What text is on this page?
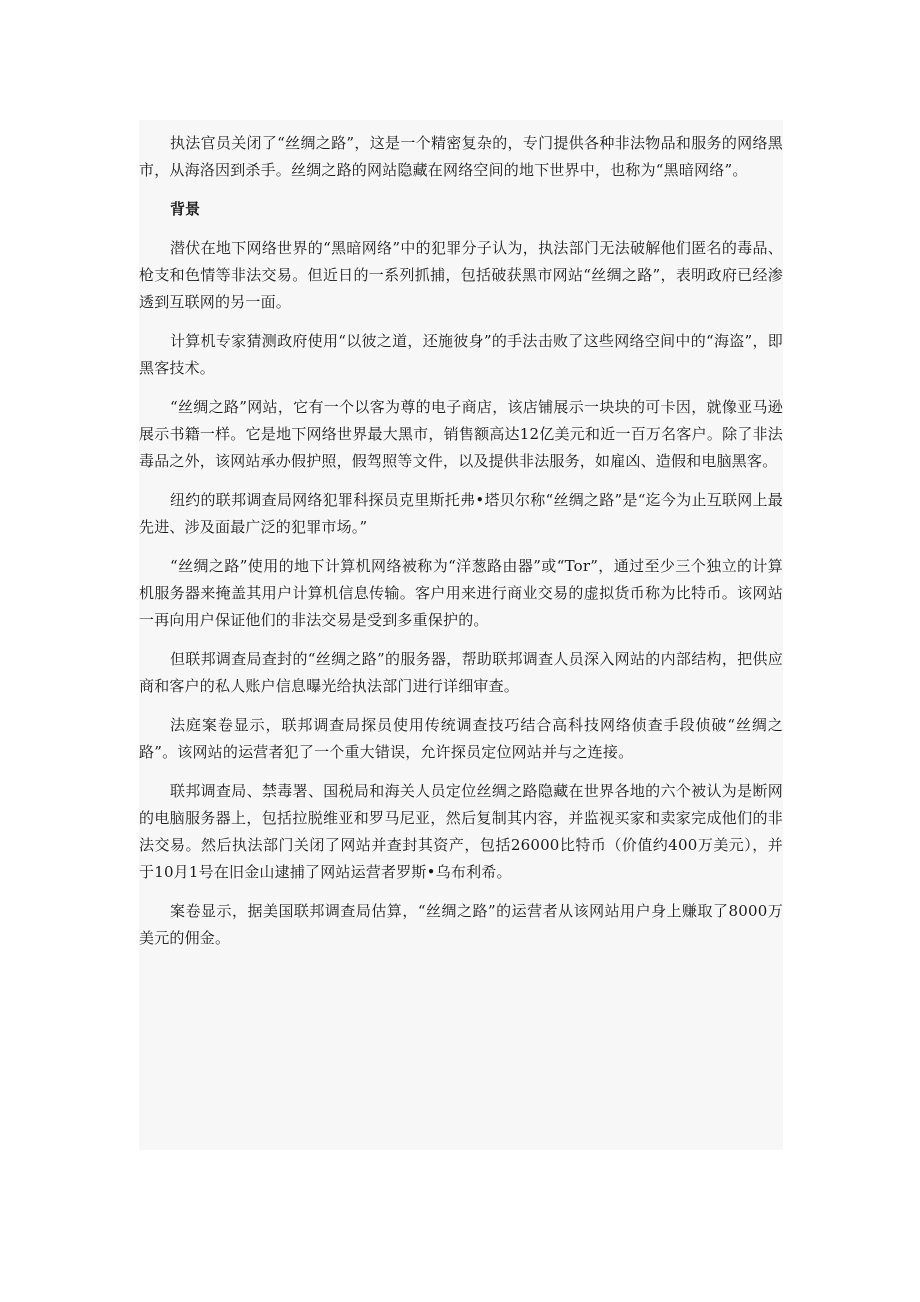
执法官员关闭了“丝绸之路”，这是一个精密复杂的，专门提供各种非法物品和服务的网络黑市，从海洛因到杀手。丝绸之路的网站隐藏在网络空间的地下世界中，也称为“黑暗网络”。

背景

潜伏在地下网络世界的“黑暗网络”中的犯罪分子认为，执法部门无法破解他们匿名的毒品、枪支和色情等非法交易。但近日的一系列抓捕，包括破获黑市网站“丝绸之路”，表明政府已经渗透到互联网的另一面。

计算机专家猜测政府使用“以彼之道，还施彼身”的手法击败了这些网络空间中的“海盗”，即黑客技术。

“丝绸之路”网站，它有一个以客为尊的电子商店，该店铺展示一块块的可卡因，就像亚马逊展示书籍一样。它是地下网络世界最大黑市，销售额高达12亿美元和近一百万名客户。除了非法毒品之外，该网站承办假护照，假驾照等文件，以及提供非法服务，如雇凶、造假和电脑黑客。

纽约的联邦调查局网络犯罪科探员克里斯托弗•塔贝尔称“丝绸之路”是“迄今为止互联网上最先进、涉及面最广泛的犯罪市场。”

“丝绸之路”使用的地下计算机网络被称为“洋葱路由器”或“Tor”，通过至少三个独立的计算机服务器来掩盖其用户计算机信息传输。客户用来进行商业交易的虚拟货币称为比特币。该网站一再向用户保证他们的非法交易是受到多重保护的。

但联邦调查局查封的“丝绸之路”的服务器，帮助联邦调查人员深入网站的内部结构，把供应商和客户的私人账户信息曝光给执法部门进行详细审查。

法庭案卷显示，联邦调查局探员使用传统调查技巧结合高科技网络侦查手段侦破“丝绸之路”。该网站的运营者犯了一个重大错误，允许探员定位网站并与之连接。

联邦调查局、禁毒署、国税局和海关人员定位丝绸之路隐藏在世界各地的六个被认为是断网的电脑服务器上，包括拉脱维亚和罗马尼亚，然后复制其内容，并监视买家和卖家完成他们的非法交易。然后执法部门关闭了网站并查封其资产，包括26000比特币（价值约400万美元），并于10月1号在旧金山逮捕了网站运营者罗斯•乌布利希。

案卷显示，据美国联邦调查局估算，“丝绸之路”的运营者从该网站用户身上赚取了8000万美元的佣金。
